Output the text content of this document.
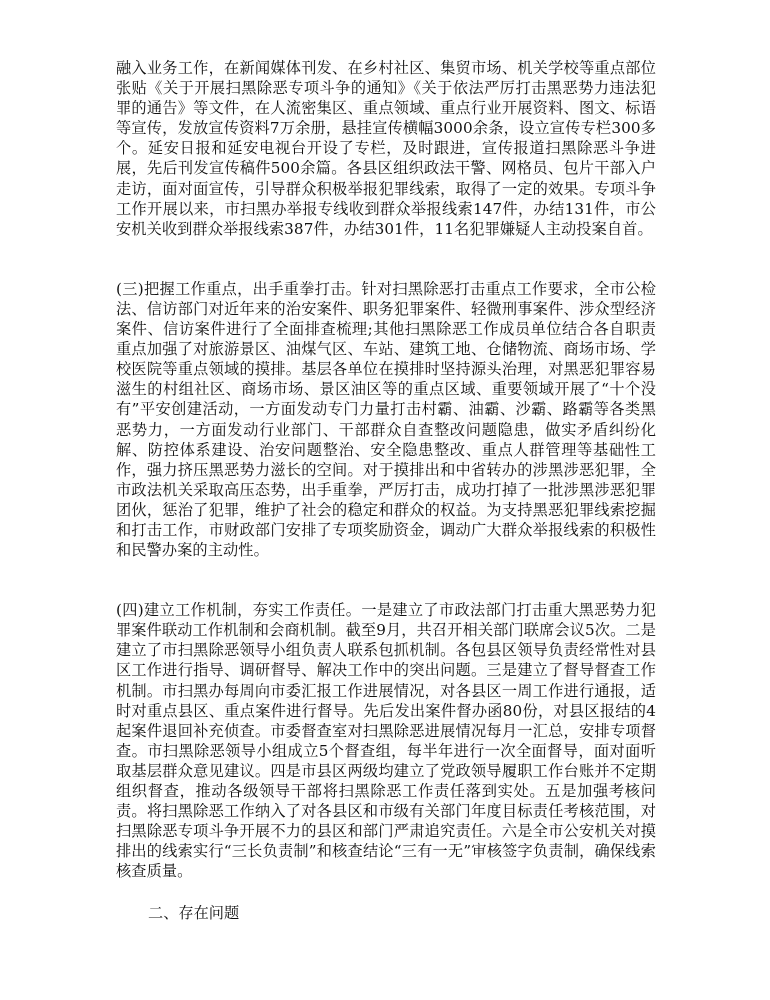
融入业务工作，在新闻媒体刊发、在乡村社区、集贸市场、机关学校等重点部位张贴《关于开展扫黑除恶专项斗争的通知》《关于依法严厉打击黑恶势力违法犯罪的通告》等文件，在人流密集区、重点领域、重点行业开展资料、图文、标语等宣传，发放宣传资料7万余册，悬挂宣传横幅3000余条，设立宣传专栏300多个。延安日报和延安电视台开设了专栏，及时跟进，宣传报道扫黑除恶斗争进展，先后刊发宣传稿件500余篇。各县区组织政法干警、网格员、包片干部入户走访，面对面宣传，引导群众积极举报犯罪线索，取得了一定的效果。专项斗争工作开展以来，市扫黑办举报专线收到群众举报线索147件，办结131件，市公安机关收到群众举报线索387件，办结301件，11名犯罪嫌疑人主动投案自首。

(三)把握工作重点，出手重拳打击。针对扫黑除恶打击重点工作要求，全市公检法、信访部门对近年来的治安案件、职务犯罪案件、轻微刑事案件、涉众型经济案件、信访案件进行了全面排查梳理;其他扫黑除恶工作成员单位结合各自职责重点加强了对旅游景区、油煤气区、车站、建筑工地、仓储物流、商场市场、学校医院等重点领域的摸排。基层各单位在摸排时坚持源头治理，对黑恶犯罪容易滋生的村组社区、商场市场、景区油区等的重点区域、重要领域开展了“十个没有”平安创建活动，一方面发动专门力量打击村霸、油霸、沙霸、路霸等各类黑恶势力，一方面发动行业部门、干部群众自查整改问题隐患，做实矛盾纠纷化解、防控体系建设、治安问题整治、安全隐患整改、重点人群管理等基础性工作，强力挤压黑恶势力滋长的空间。对于摸排出和中省转办的涉黑涉恶犯罪，全市政法机关采取高压态势，出手重拳，严厉打击，成功打掉了一批涉黑涉恶犯罪团伙，惩治了犯罪，维护了社会的稳定和群众的权益。为支持黑恶犯罪线索挖掘和打击工作，市财政部门安排了专项奖励资金，调动广大群众举报线索的积极性和民警办案的主动性。

(四)建立工作机制，夯实工作责任。一是建立了市政法部门打击重大黑恶势力犯罪案件联动工作机制和会商机制。截至9月，共召开相关部门联席会议5次。二是建立了市扫黑除恶领导小组负责人联系包抓机制。各包县区领导负责经常性对县区工作进行指导、调研督导、解决工作中的突出问题。三是建立了督导督查工作机制。市扫黑办每周向市委汇报工作进展情况，对各县区一周工作进行通报，适时对重点县区、重点案件进行督导。先后发出案件督办函80份，对县区报结的4起案件退回补充侦查。市委督查室对扫黑除恶进展情况每月一汇总，安排专项督查。市扫黑除恶领导小组成立5个督查组，每半年进行一次全面督导，面对面听取基层群众意见建议。四是市县区两级均建立了党政领导履职工作台账并不定期组织督查，推动各级领导干部将扫黑除恶工作责任落到实处。五是加强考核问责。将扫黑除恶工作纳入了对各县区和市级有关部门年度目标责任考核范围，对扫黑除恶专项斗争开展不力的县区和部门严肃追究责任。六是全市公安机关对摸排出的线索实行“三长负责制”和核查结论“三有一无”审核签字负责制，确保线索核查质量。

二、存在问题
